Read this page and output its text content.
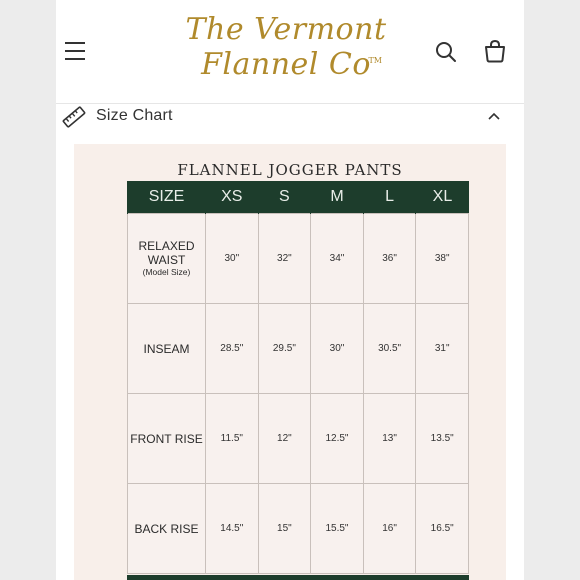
The Vermont
Flannel Co
TM
Size Chart
FLANNEL JOGGER PANTS
SIZE	XS	S	M	L	XL
RELAXED WAIST
(Model Size)	30"	32"	34"	36"	38"
INSEAM	28.5"	29.5"	30"	30.5"	31"
FRONT RISE	11.5"	12"	12.5"	13"	13.5"
BACK RISE	14.5"	15"	15.5"	16"	16.5"
